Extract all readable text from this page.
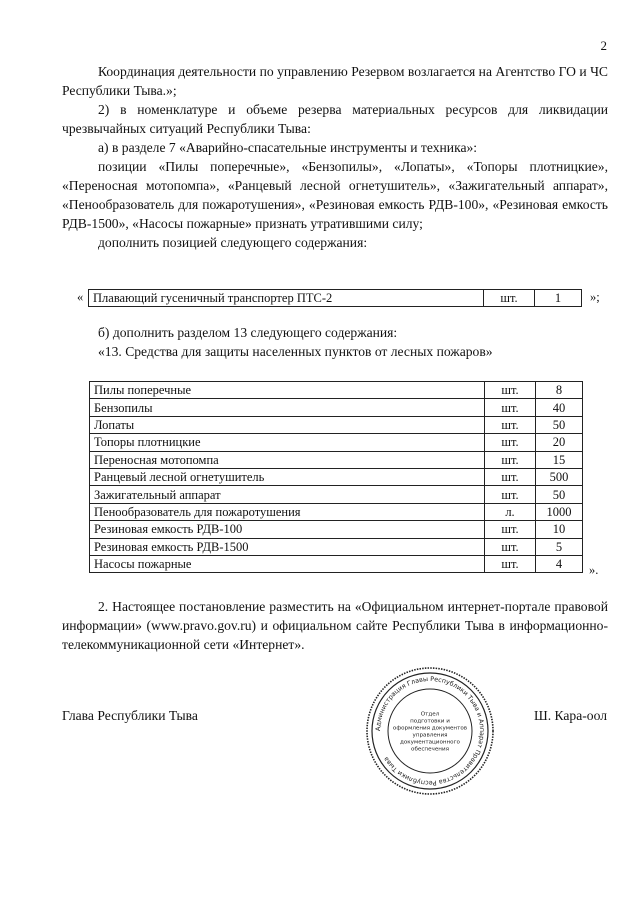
2

Координация деятельности по управлению Резервом возлагается на Агентство ГО и ЧС Республики Тыва.»;

2) в номенклатуре и объеме резерва материальных ресурсов для ликвидации чрезвычайных ситуаций Республики Тыва:

а) в разделе 7 «Аварийно-спасательные инструменты и техника»:

позиции «Пилы поперечные», «Бензопилы», «Лопаты», «Топоры плотницкие», «Переносная мотопомпа», «Ранцевый лесной огнетушитель», «Зажигательный аппарат», «Пенообразователь для пожаротушения», «Резиновая емкость РДВ-100», «Резиновая емкость РДВ-1500», «Насосы пожарные» признать утратившими силу;

дополнить позицией следующего содержания:

« Плавающий гусеничный транспортер ПТС-2	шт.	1 »;

б) дополнить разделом 13 следующего содержания:

«13. Средства для защиты населенных пунктов от лесных пожаров»

Пилы поперечные	шт.	8
Бензопилы	шт.	40
Лопаты	шт.	50
Топоры плотницкие	шт.	20
Переносная мотопомпа	шт.	15
Ранцевый лесной огнетушитель	шт.	500
Зажигательный аппарат	шт.	50
Пенообразователь для пожаротушения	л.	1000
Резиновая емкость РДВ-100	шт.	10
Резиновая емкость РДВ-1500	шт.	5
Насосы пожарные	шт.	4 ».

2. Настоящее постановление разместить на «Официальном интернет-портале правовой информации» (www.pravo.gov.ru) и официальном сайте Республики Тыва в информационно-телекоммуникационной сети «Интернет».

Глава Республики Тыва	Ш. Кара-оол
Администрация Главы Республики Тыва и Аппарат Правительства Республики Тыва
Отдел
подготовки и
оформления документов
управления
документационного
обеспечения
